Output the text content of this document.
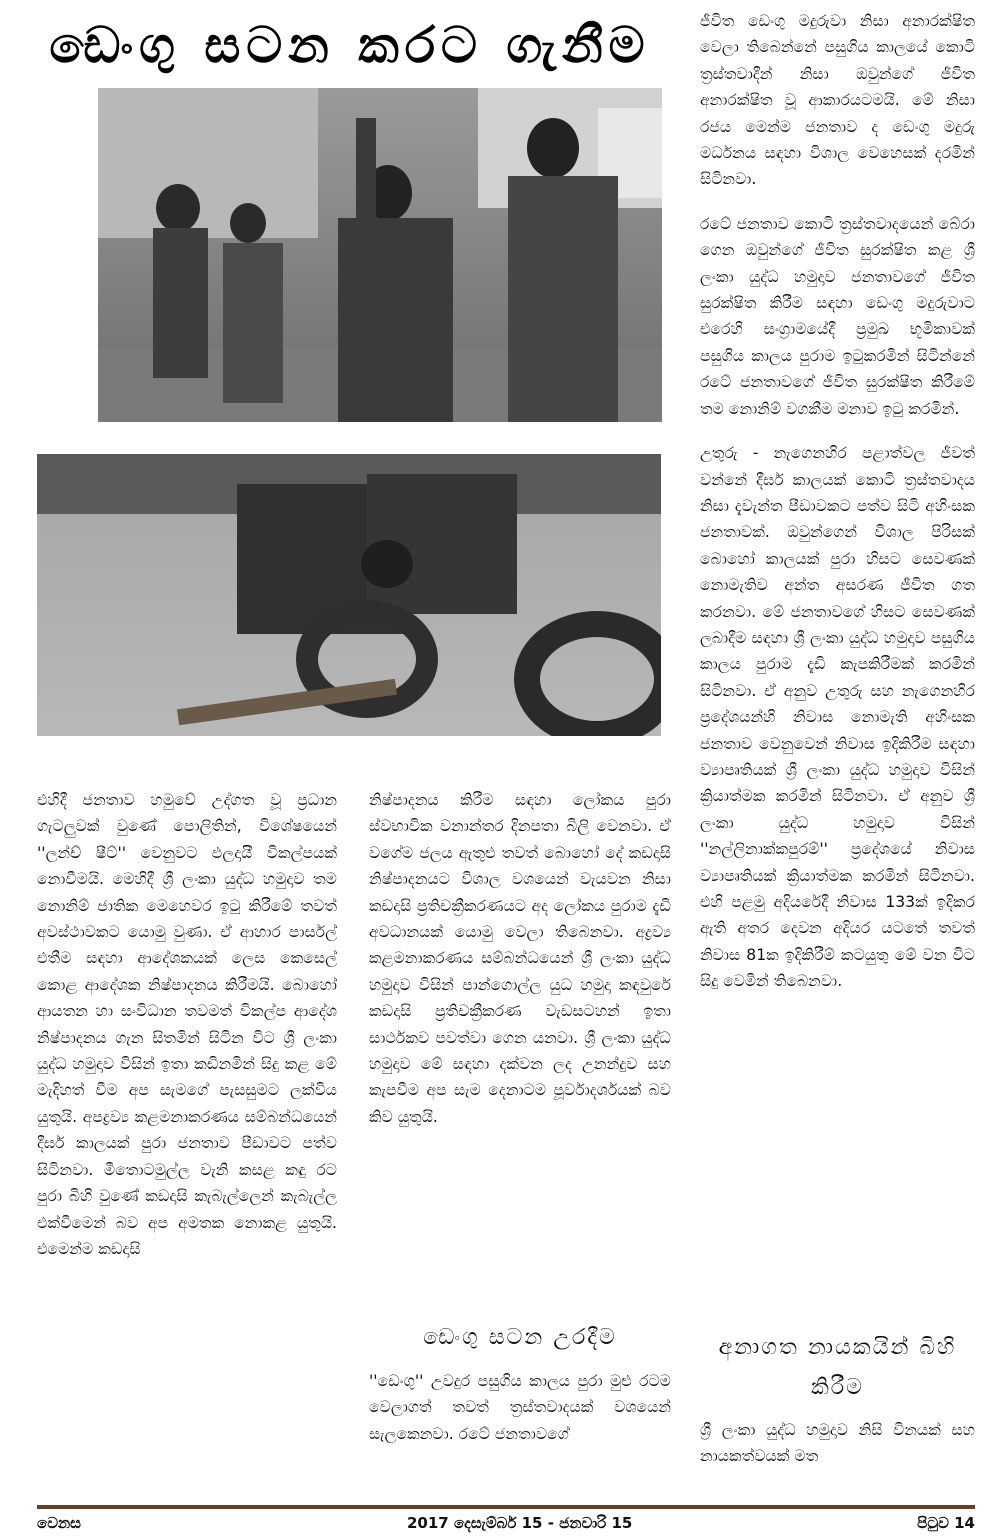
ඩෙංගු සටන කරට ගැනීම

එහිදී ජනතාව හමුවේ උද්ගත වූ ප්‍රධාන ගැටලුවක් වුණේ පොලිතින්, විශේෂයෙන් ''ලන්ච් ෂීට්'' වෙනුවට ඵලදායී විකල්පයක් නොවීමයි. මෙහිදී ශ්‍රී ලංකා යුද්ධ හමුදාව තම නොනිම් ජාතික මෙහෙවර ඉටු කිරීමේ තවත් අවස්ථාවකට යොමු වුණා. ඒ ආහාර පාර්සල් එතීම සඳහා ආදේශකයක් ලෙස කෙසෙල් කොළ ආදේශක නිෂ්පාදනය කිරීමයි. බොහෝ ආයතන හා සංවිධාන තවමත් විකල්ප ආදේශ නිෂ්පාදනය ගැන සිතමින් සිටින විට ශ්‍රී ලංකා යුද්ධ හමුදාව විසින් ඉතා කඩිනමින් සිදු කළ මේ මැදිහත් වීම අප සැමගේ පැසසුමට ලක්විය යුතුයි. අපද්‍රව්‍ය කළමනාකරණය සම්බන්ධයෙන් දීර්ඝ කාලයක් පුරා ජනතාව පීඩාවට පත්ව සිටිනවා. මීතොටමුල්ල වැනි කසළ කඳු රට පුරා බිහි වුණේ කඩදාසි කැබැල්ලෙන් කැබැල්ල එක්වීමෙන් බව අප අමතක නොකළ යුතුයි. එමෙන්ම කඩදාසි

නිෂ්පාදනය කිරීම සඳහා ලෝකය පුරා ස්වභාවික වනාන්තර දිනපතා බිලි වෙනවා. ඒ වගේම ජලය ඇතුළු තවත් බොහෝ දේ කඩදාසි නිෂ්පාදනයට විශාල වශයෙන් වැයවන නිසා කඩදාසි ප්‍රතිචක්‍රීකරණයට අද ලෝකය පුරාම දැඩි අවධානයක් යොමු වෙලා තිබෙනවා. අද්‍රව්‍ය කළමනාකරණය සම්බන්ධයෙන් ශ්‍රී ලංකා යුද්ධ හමුදාව විසින් පාන්ගොල්ල යුධ හමුදා කඳවුරේ කඩදාසි ප්‍රතිචක්‍රීකරණ වැඩසටහන් ඉතා සාර්ථකව පවත්වා ගෙන යනවා. ශ්‍රී ලංකා යුද්ධ හමුදාව මේ සඳහා දක්වන ලද උනන්දුව සහ කැපවීම අප සැම දෙනාටම පූර්වාදර්ශයක් බව කිව යුතුයි.

ඩෙංගු සටන උරදීම

''ඩෙංගු'' උවදුර පසුගිය කාලය පුරා මුළු රටම වෙලාගත් තවත් ත්‍රස්තවාදයක් වශයෙන් සැලකෙනවා. රටේ ජනතාවගේ

ජීවිත ඩෙංගු මදුරුවා නිසා අනාරක්ෂිත වෙලා තිබෙන්නේ පසුගිය කාලයේ කොටි ත්‍රස්තවාදීන් නිසා ඔවුන්ගේ ජීවිත අනාරක්ෂිත වූ ආකාරයටමයි. මේ නිසා රජය මෙන්ම ජනතාව ද ඩෙංගු මදුරු මර්ධනය සඳහා විශාල වෙහෙසක් දරමින් සිටිනවා.

රටේ ජනතාව කොටි ත්‍රස්තවාදයෙන් බේරා ගෙන ඔවුන්ගේ ජීවිත සුරක්ෂිත කළ ශ්‍රී ලංකා යුද්ධ හමුදාව ජනතාවගේ ජීවිත සුරක්ෂිත කිරීම සඳහා ඩෙංගු මදුරුවාට එරෙහි සංග්‍රාමයේදී ප්‍රමුඛ භූමිකාවක් පසුගිය කාලය පුරාම ඉටුකරමින් සිටින්නේ රටේ ජනතාවගේ ජීවිත සුරක්ෂිත කිරීමේ තම නොනිම් වගකීම මනාව ඉටු කරමින්.

උතුරු - නැගෙනහිර පළාත්වල ජීවත් වන්නේ දීර්ඝ කාලයක් කොටි ත්‍රස්තවාදය නිසා දැවැන්ත පීඩාවකට පත්ව සිටි අහිංසක ජනතාවක්. ඔවුන්ගෙන් විශාල පිරිසක් බොහෝ කාලයක් පුරා හිසට සෙවණක් නොමැතිව අන්ත අසරණ ජීවිත ගත කරනවා. මේ ජනතාවගේ හිසට සෙවණක් ලබාදීම සඳහා ශ්‍රී ලංකා යුද්ධ හමුදාව පසුගිය කාලය පුරාම දැඩි කැපකිරීමක් කරමින් සිටිනවා. ඒ අනුව උතුරු සහ නැගෙනහිර ප්‍රදේශයන්හි නිවාස නොමැති අහිංසක ජනතාව වෙනුවෙන් නිවාස ඉදිකිරීම සඳහා ව්‍යාපෘතියක් ශ්‍රී ලංකා යුද්ධ හමුදාව විසින් ක්‍රියාත්මක කරමින් සිටිනවා. ඒ අනුව ශ්‍රී ලංකා යුද්ධ හමුදාව විසින් ''නල්ලිනාක්කපුරම්'' ප්‍රදේශයේ නිවාස ව්‍යාපෘතියක් ක්‍රියාත්මක කරමින් සිටිනවා. එහි පළමු අදියරේදී නිවාස 133ක් ඉදිකර ඇති අතර දෙවන අදියර යටතේ තවත් නිවාස 81ක ඉදිකිරීම් කටයුතු මේ වන විට සිදු වෙමින් තිබෙනවා.

අනාගත නායකයින් බිහි කිරීම

ශ්‍රී ලංකා යුද්ධ හමුදාව නිසි විනයක් සහ නායකත්වයක් මත

වෙනස	2017 දෙසැම්බර් 15 - ජනවාරි 15	පිටුව 14
